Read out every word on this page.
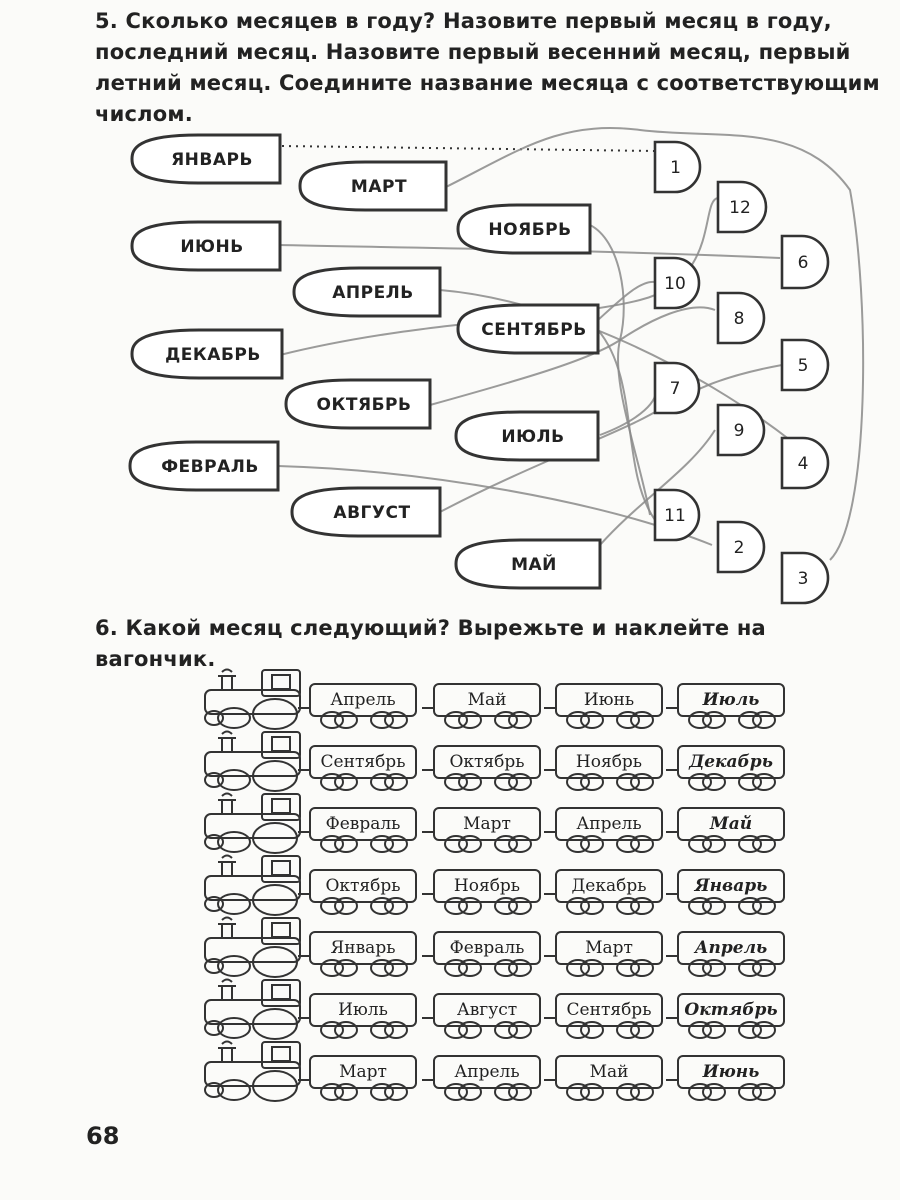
5. Сколько месяцев в году? Назовите первый месяц в году, последний месяц. Назовите первый весенний месяц, первый летний месяц. Соедините название месяца с соответствующим числом.
ЯНВАРЬ
МАРТ
НОЯБРЬ
ИЮНЬ
АПРЕЛЬ
СЕНТЯБРЬ
ДЕКАБРЬ
ОКТЯБРЬ
ИЮЛЬ
ФЕВРАЛЬ
АВГУСТ
МАЙ
1
12
6
10
8
5
7
9
4
11
2
3
6. Какой месяц следующий? Вырежьте и наклейте на вагончик.
Апрель	Май	Июнь	Июль
Сентябрь	Октябрь	Ноябрь	Декабрь
Февраль	Март	Апрель	Май
Октябрь	Ноябрь	Декабрь	Январь
Январь	Февраль	Март	Апрель
Июль	Август	Сентябрь Октябрь
Март	Апрель	Май	Июнь
68
